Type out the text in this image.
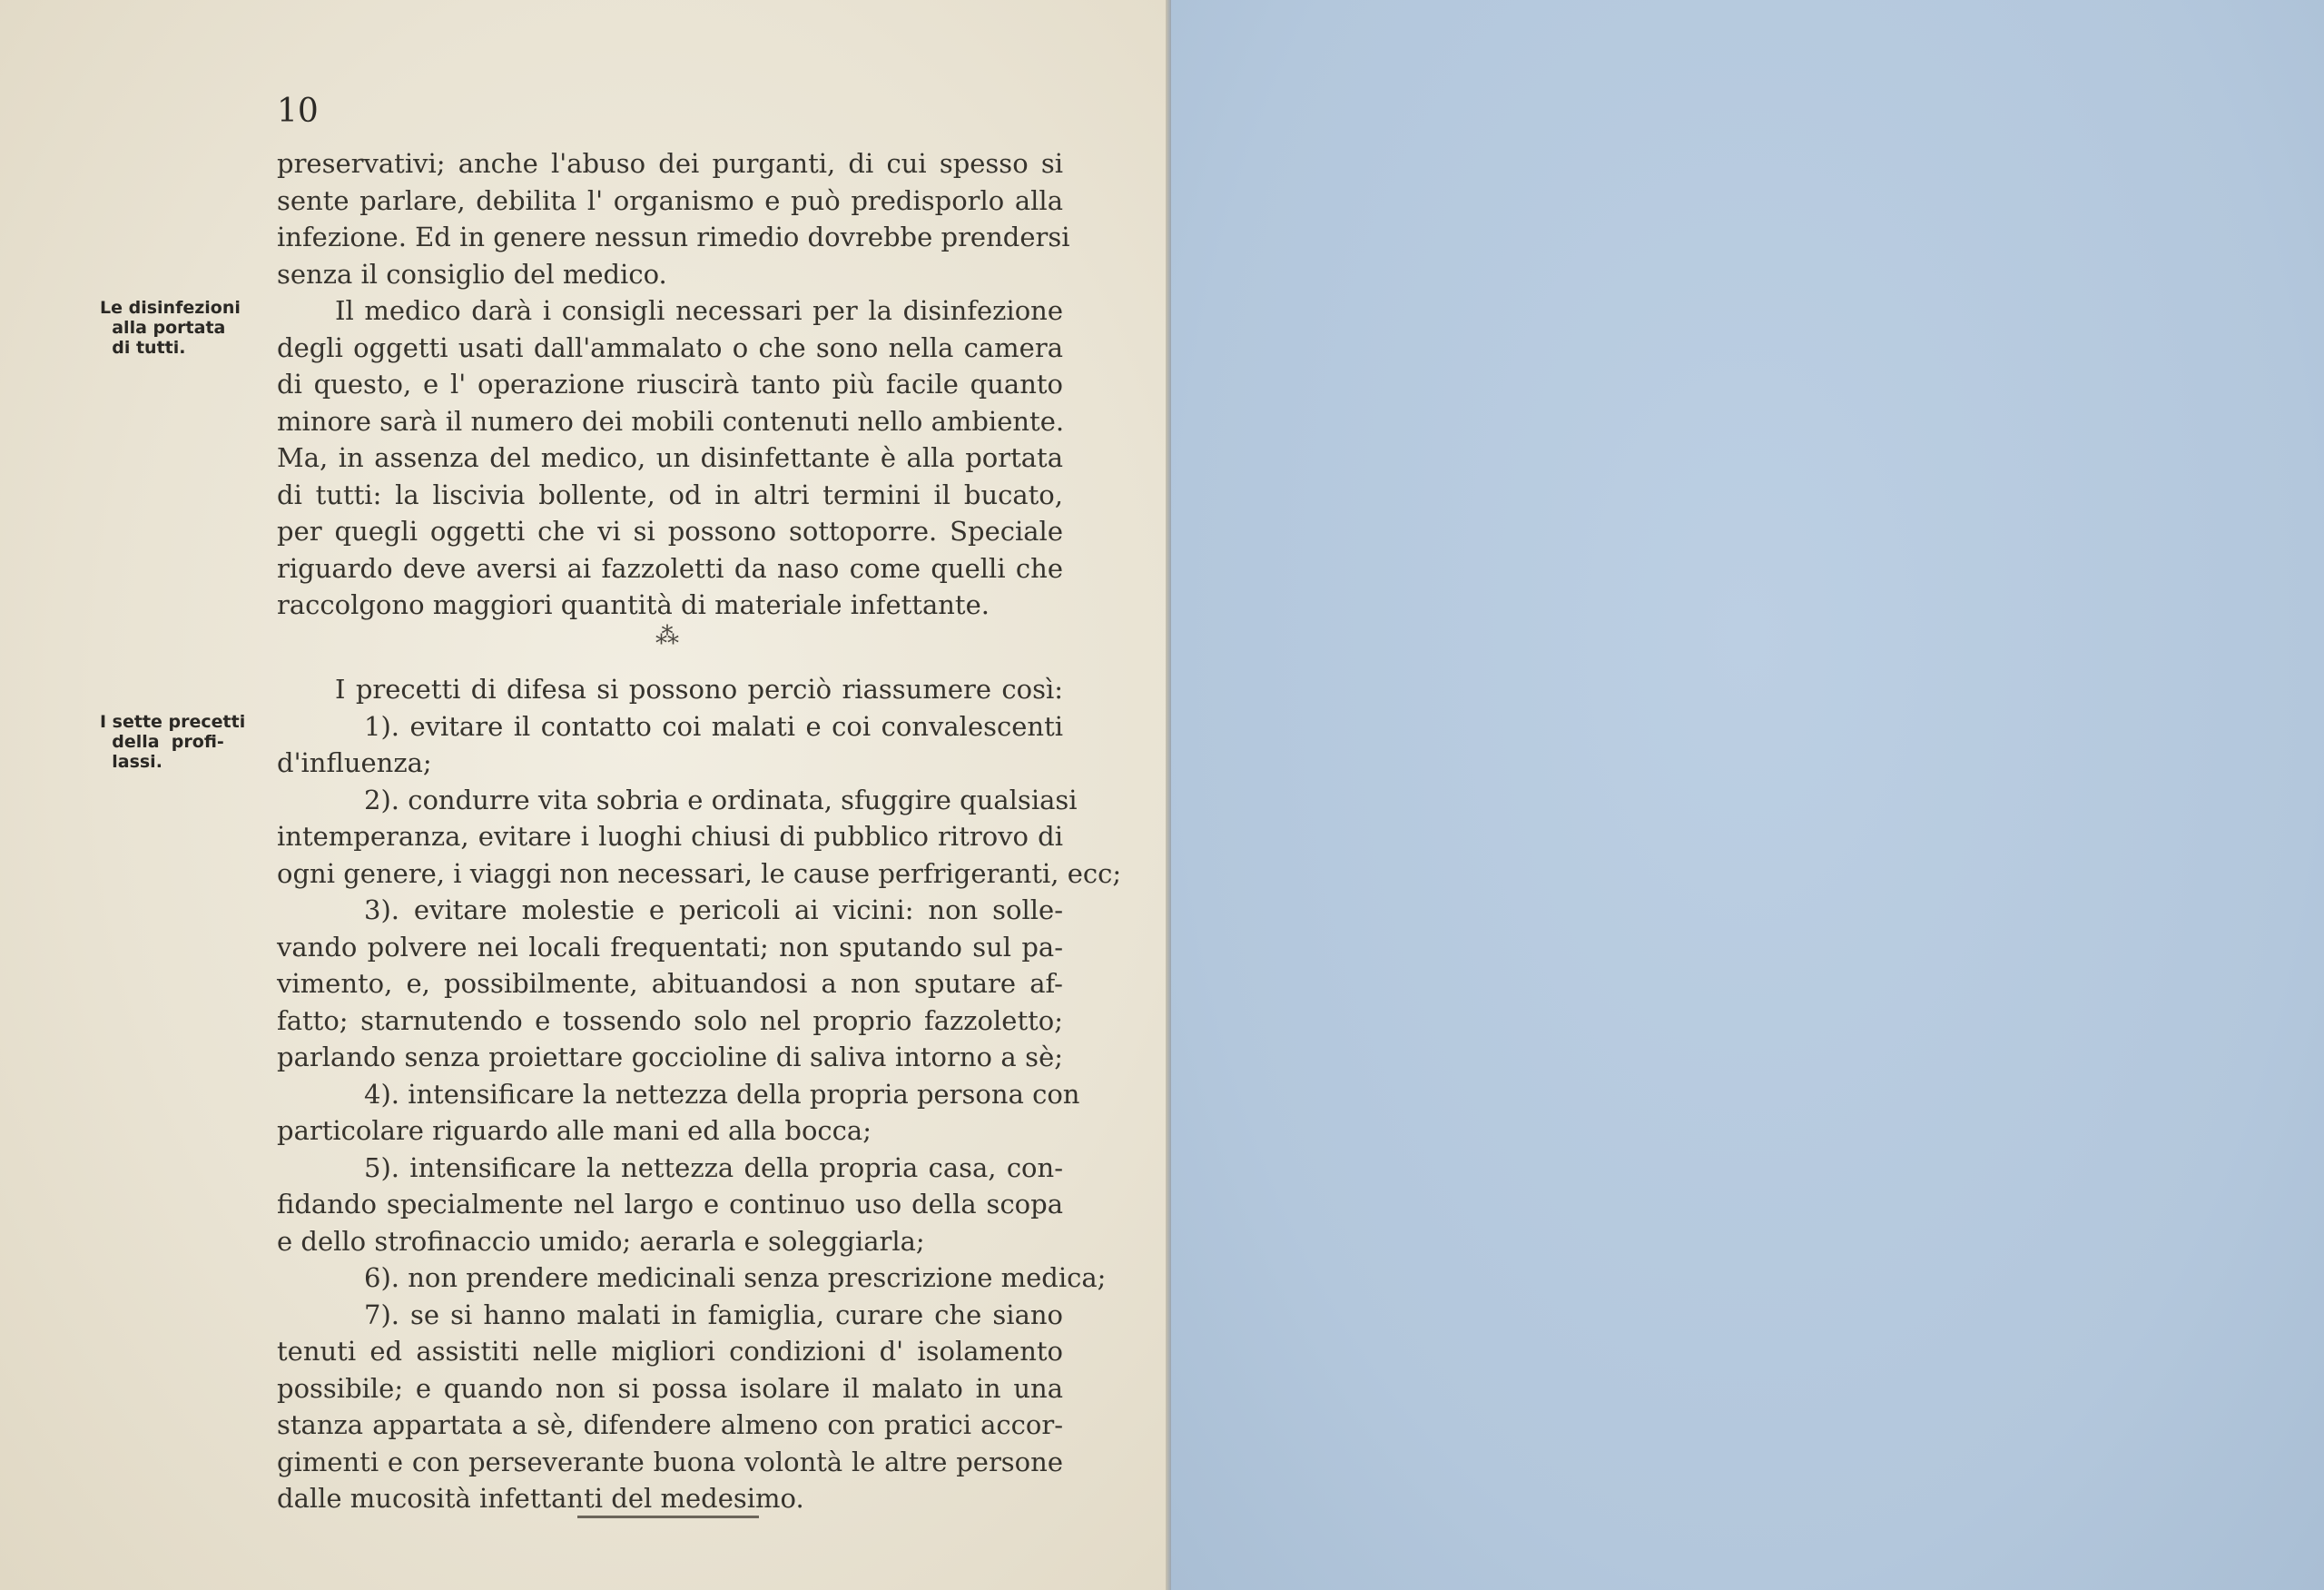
10
Le disinfezioni
alla portata
di tutti.
I sette precetti
della  profi-
lassi.
preservativi; anche l'abuso dei purganti, di cui spesso si
sente parlare, debilita l' organismo e può predisporlo alla
infezione. Ed in genere nessun rimedio dovrebbe prendersi
senza il consiglio del medico.
Il medico darà i consigli necessari per la disinfezione
degli oggetti usati dall'ammalato o che sono nella camera
di questo, e l' operazione riuscirà tanto più facile quanto
minore sarà il numero dei mobili contenuti nello ambiente.
Ma, in assenza del medico, un disinfettante è alla portata
di tutti: la liscivia bollente, od in altri termini il bucato,
per quegli oggetti che vi si possono sottoporre. Speciale
riguardo deve aversi ai fazzoletti da naso come quelli che
raccolgono maggiori quantità di materiale infettante.
⁂
I precetti di difesa si possono perciò riassumere così:
1). evitare il contatto coi malati e coi convalescenti
d'influenza;
2). condurre vita sobria e ordinata, sfuggire qualsiasi
intemperanza, evitare i luoghi chiusi di pubblico ritrovo di
ogni genere, i viaggi non necessari, le cause perfrigeranti, ecc;
3). evitare molestie e pericoli ai vicini: non solle-
vando polvere nei locali frequentati; non sputando sul pa-
vimento, e, possibilmente, abituandosi a non sputare af-
fatto; starnutendo e tossendo solo nel proprio fazzoletto;
parlando senza proiettare goccioline di saliva intorno a sè;
4). intensificare la nettezza della propria persona con
particolare riguardo alle mani ed alla bocca;
5). intensificare la nettezza della propria casa, con-
fidando specialmente nel largo e continuo uso della scopa
e dello strofinaccio umido; aerarla e soleggiarla;
6). non prendere medicinali senza prescrizione medica;
7). se si hanno malati in famiglia, curare che siano
tenuti ed assistiti nelle migliori condizioni d' isolamento
possibile; e quando non si possa isolare il malato in una
stanza appartata a sè, difendere almeno con pratici accor-
gimenti e con perseverante buona volontà le altre persone
dalle mucosità infettanti del medesimo.
